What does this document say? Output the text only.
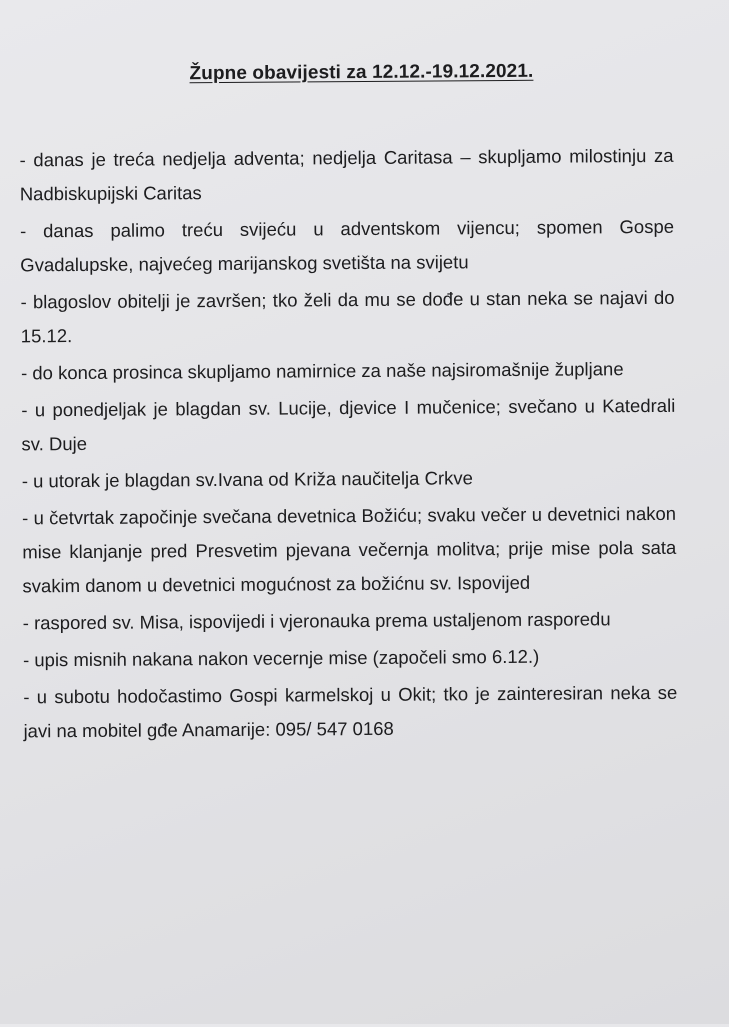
Župne obavijesti za 12.12.-19.12.2021.
- danas je treća nedjelja adventa; nedjelja Caritasa – skupljamo milostinju za Nadbiskupijski Caritas
- danas palimo treću svijeću u adventskom vijencu; spomen Gospe Gvadalupske, najvećeg marijanskog svetišta na svijetu
- blagoslov obitelji je završen; tko želi da mu se dođe u stan neka se najavi do 15.12.
- do konca prosinca skupljamo namirnice za naše najsiromašnije župljane
- u ponedjeljak je blagdan sv. Lucije, djevice I mučenice; svečano u Katedrali sv. Duje
- u utorak je blagdan sv.Ivana od Križa naučitelja Crkve
- u četvrtak započinje svečana devetnica Božiću; svaku večer u devetnici nakon mise klanjanje pred Presvetim pjevana večernja molitva; prije mise pola sata svakim danom u devetnici mogućnost za božićnu sv. Ispovijed
- raspored sv. Misa, ispovijedi i vjeronauka prema ustaljenom rasporedu
- upis misnih nakana nakon vecernje mise (započeli smo 6.12.)
- u subotu hodočastimo Gospi karmelskoj u Okit; tko je zainteresiran neka se javi na mobitel gđe Anamarije: 095/ 547 0168
